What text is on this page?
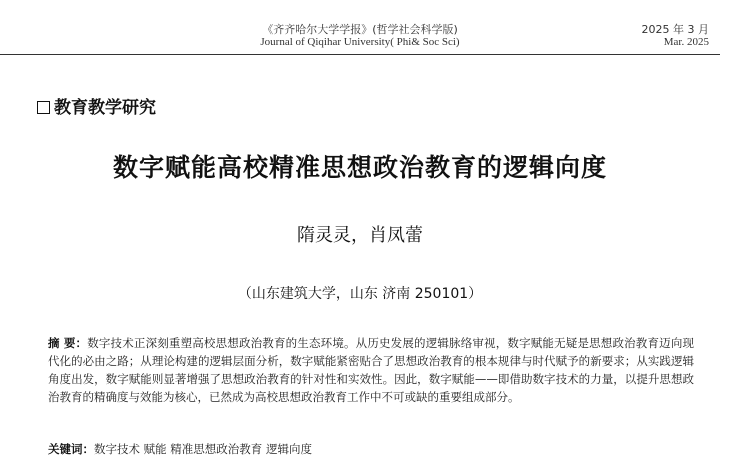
《齐齐哈尔大学学报》(哲学社会科学版)
Journal of Qiqihar University( Phi& Soc Sci)
2025 年 3 月
Mar. 2025
教育教学研究
数字赋能高校精准思想政治教育的逻辑向度
隋灵灵，肖凤蕾
（山东建筑大学，山东 济南 250101）
摘 要：数字技术正深刻重塑高校思想政治教育的生态环境。从历史发展的逻辑脉络审视，数字赋能无疑是思想政治教育迈向现代化的必由之路；从理论构建的逻辑层面分析，数字赋能紧密贴合了思想政治教育的根本规律与时代赋予的新要求；从实践逻辑角度出发，数字赋能则显著增强了思想政治教育的针对性和实效性。因此，数字赋能——即借助数字技术的力量，以提升思想政治教育的精确度与效能为核心，已然成为高校思想政治教育工作中不可或缺的重要组成部分。
关键词：数字技术 赋能 精准思想政治教育 逻辑向度
